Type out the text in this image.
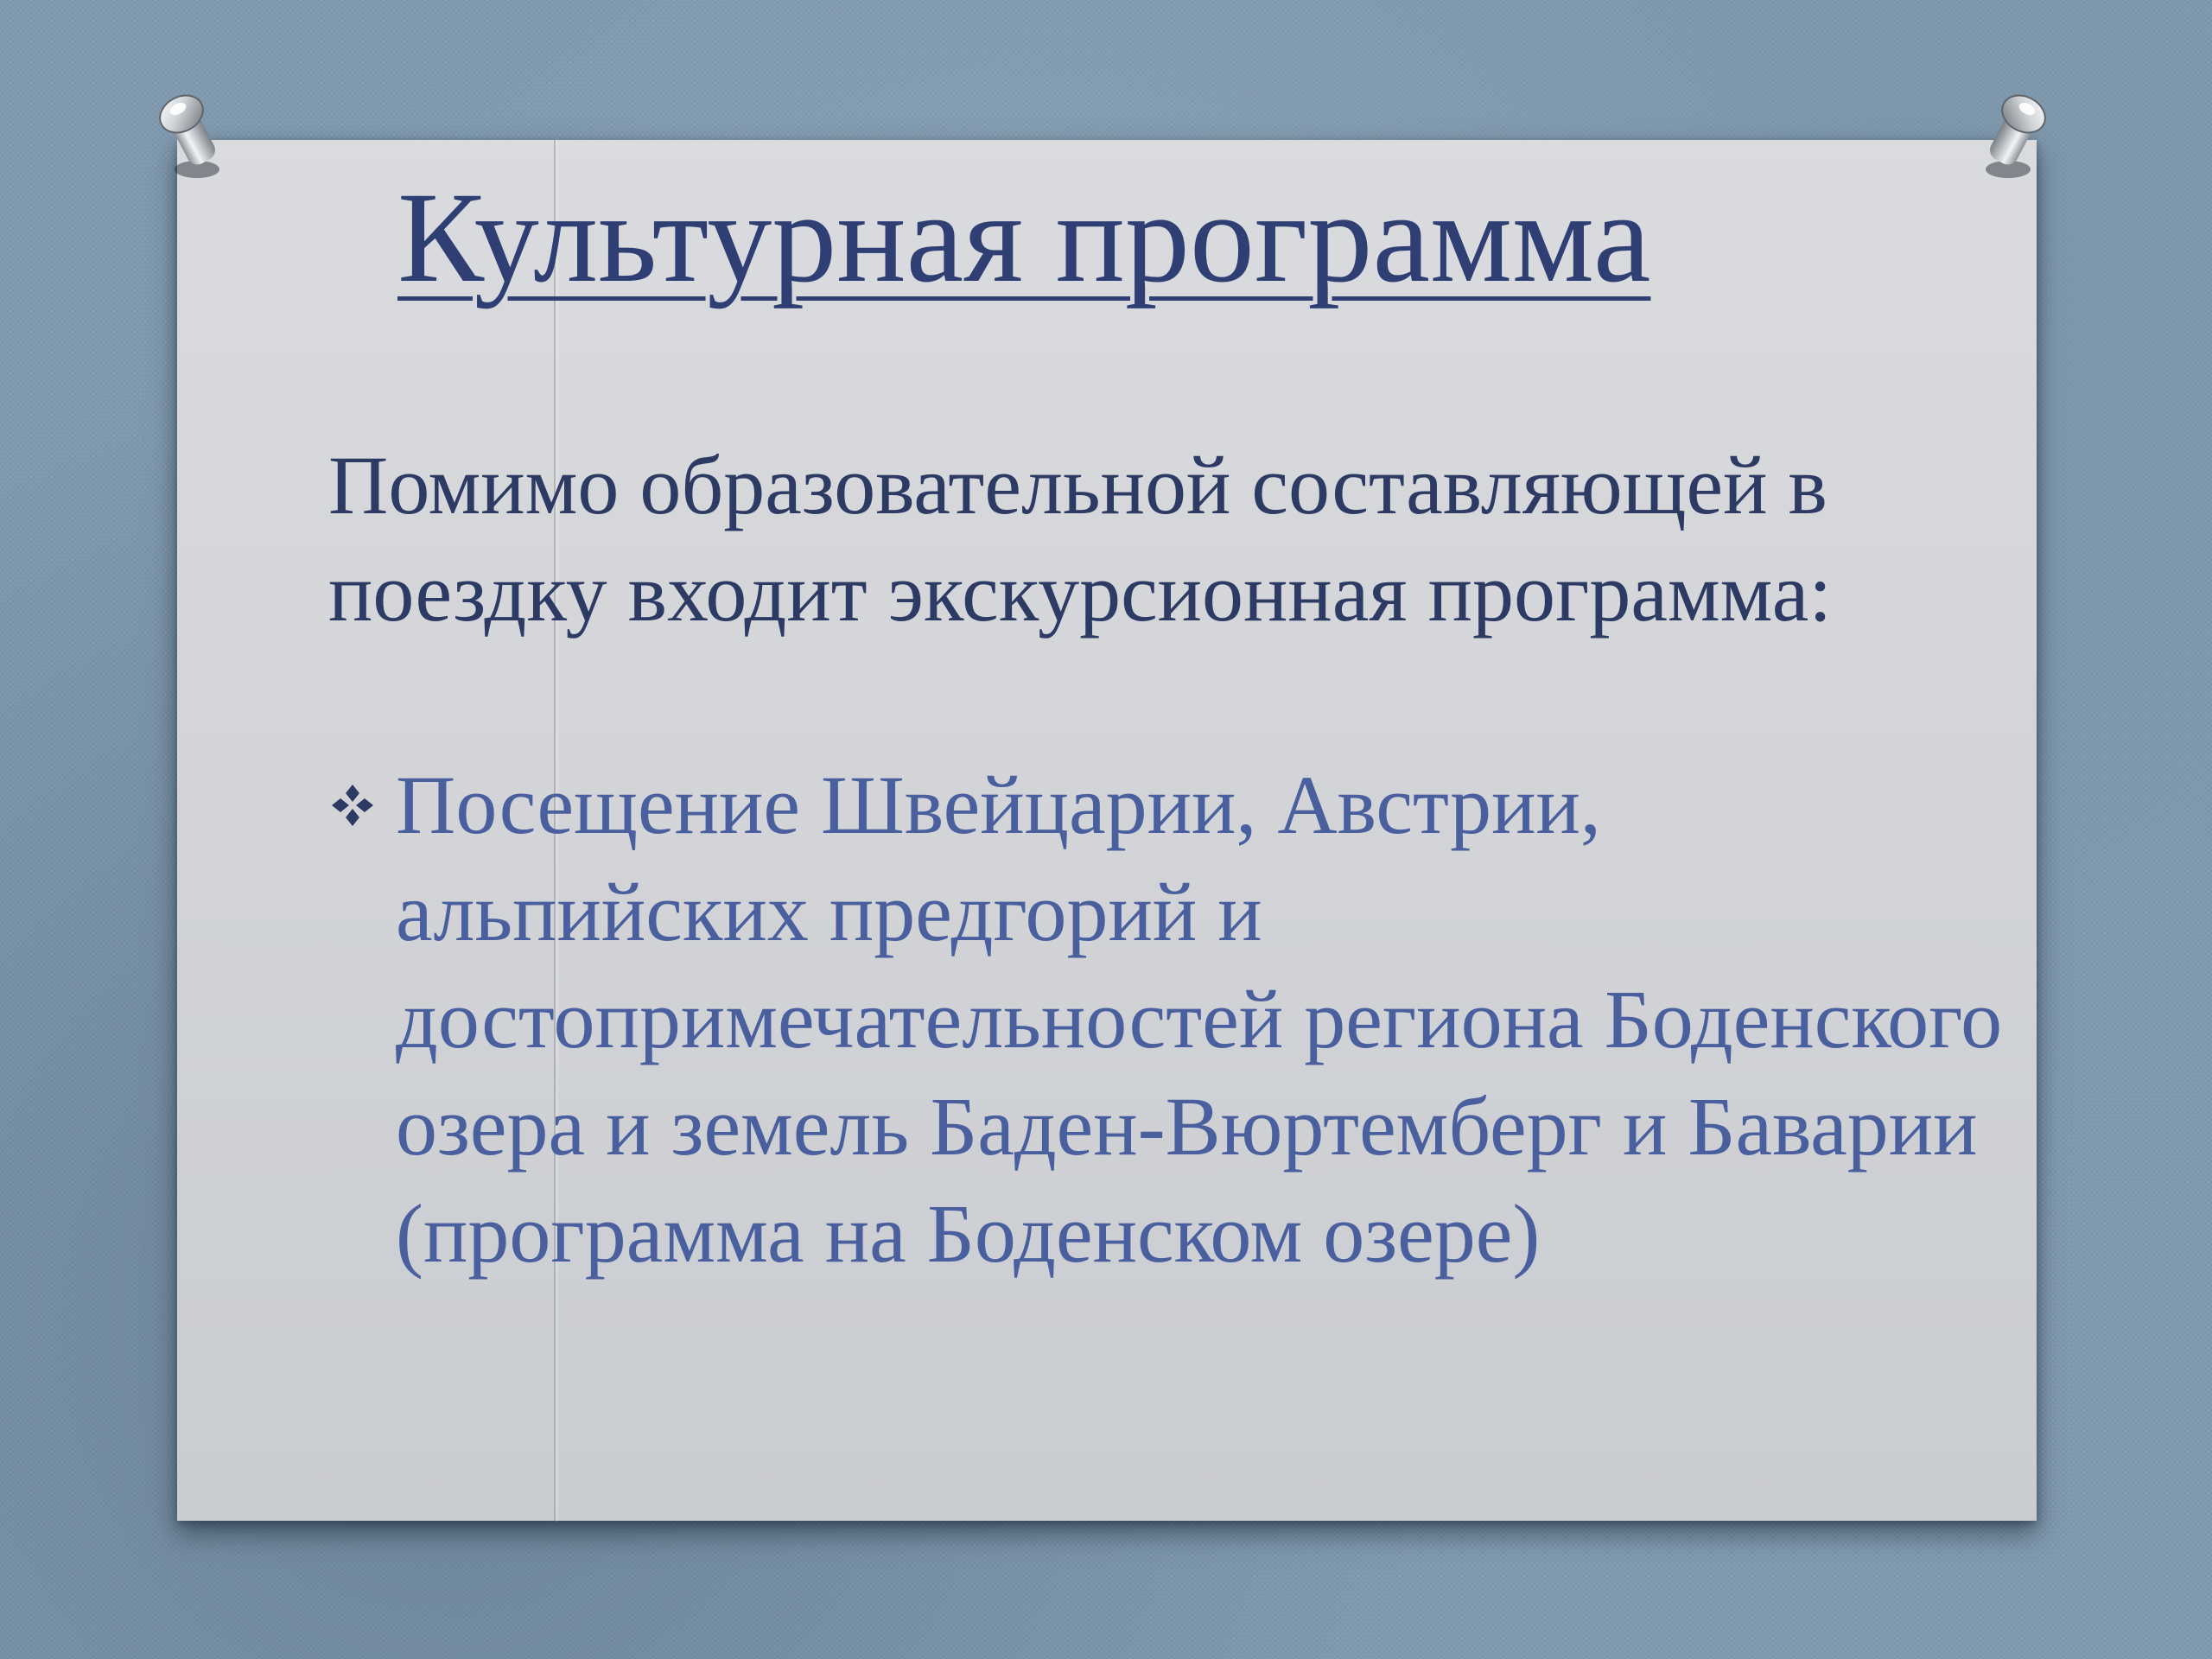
Культурная программа

Помимо образовательной составляющей в поездку входит экскурсионная программа:

Посещение Швейцарии, Австрии, альпийских предгорий и достопримечательностей региона Боденского озера и земель Баден-Вюртемберг и Баварии (программа на Боденском озере)
